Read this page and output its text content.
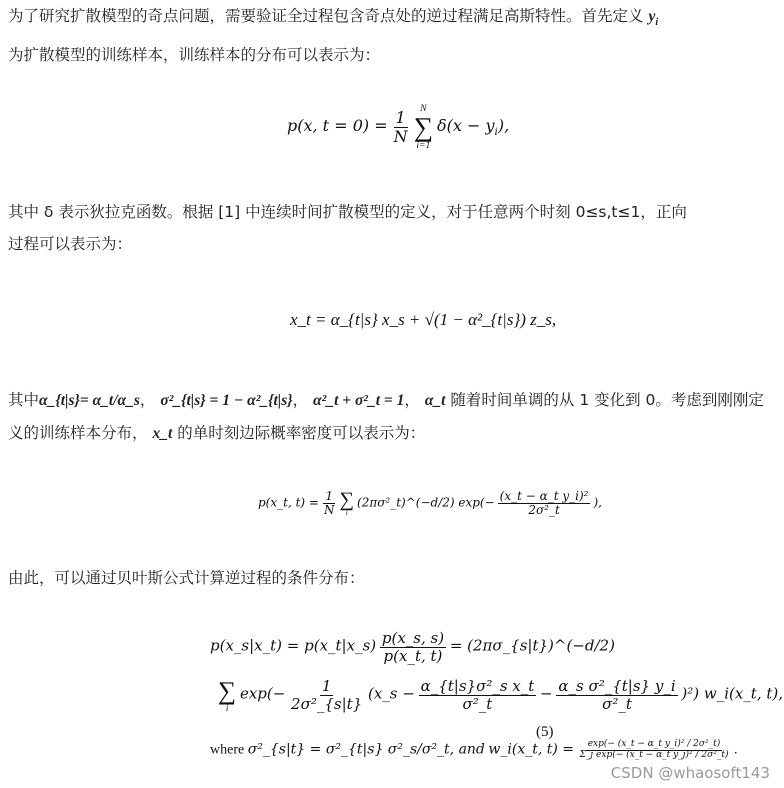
为了研究扩散模型的奇点问题，需要验证全过程包含奇点处的逆过程满足高斯特性。首先定义 $y_i$
为扩散模型的训练样本，训练样本的分布可以表示为：
p(x, $t = 0) = \frac{1}{N}$

N
∑
i=1
$\delta(x - y_i)$,
其中 δ 表示狄拉克函数。根据 [1] 中连续时间扩散模型的定义，对于任意两个时刻 0≤s,t≤1，正向
过程可以表示为：
x_t = α_{t|s} x_s + √(1 − α²_{t|s}) z_s,
其中α_{t|s}= α_t/α_s， σ²_{t|s} = 1 − α²_{t|s}， α²_t + σ²_t = 1， α_t 随着时间单调的从 1 变化到 0。考虑到刚刚定
义的训练样本分布， x_t 的单时刻边际概率密度可以表示为：
p(x_t, $t) = \frac{1}{N}$
∑
i
(2πσ²_t)^(−d/2) $\exp(- \frac{\text{(x\_t − α\_t y\_i)²}}{\text{2σ²\_t}}$ ),
由此，可以通过贝叶斯公式计算逆过程的条件分布：
p(x_s|x_t) = p(x_t|x_s) $\frac{p(x\_s, s)}{p(x\_t, t)}$ = (2πσ_{s|t})^(−d/2)
∑
i
$\exp(- \frac{1}{\text{2σ²\_\{s|t\}}}$ (x_s − $\frac{\text{α\_\{t|s\}σ²\_s x\_t}}{\text{σ²\_t}} - \frac{\text{α\_s σ²\_\{t|s\} y\_i}}{\text{σ²\_t}} )^2$) w_i(x_t, t),
(5)
where σ²_{s|t} = σ²_{t|s} σ²_s/σ²_t, and w_i(x_t, $t) = \frac{\text{exp(− (x\_t − α\_t y\_i)² / 2σ²\_t)}}{\text{Σ\_j exp(− (x\_t − α\_t y\_j)² / 2σ²\_t)}}$ .
CSDN @whaosoft143
